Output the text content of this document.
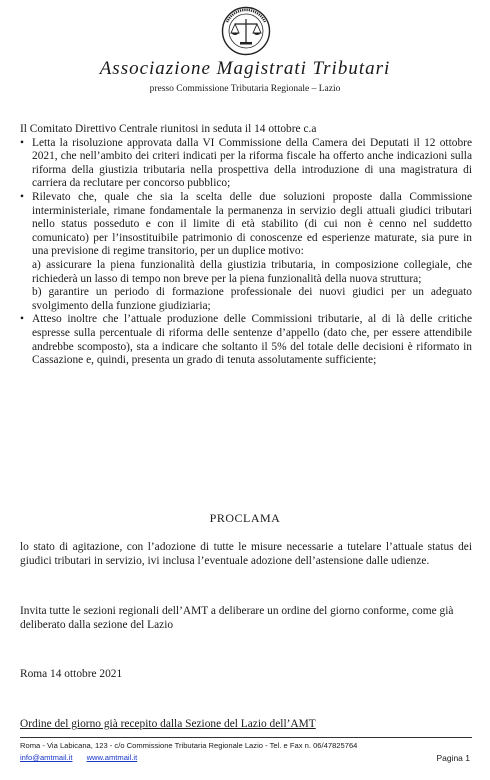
Associazione Magistrati Tributari
presso Commissione Tributaria Regionale – Lazio

Il Comitato Direttivo Centrale riunitosi in seduta il 14 ottobre c.a

• Letta la risoluzione approvata dalla VI Commissione della Camera dei Deputati il 12 ottobre 2021, che nell’ambito dei criteri indicati per la riforma fiscale ha offerto anche indicazioni sulla riforma della giustizia tributaria nella prospettiva della introduzione di una magistratura di carriera da reclutare per concorso pubblico;
• Rilevato che, quale che sia la scelta delle due soluzioni proposte dalla Commissione interministeriale, rimane fondamentale la permanenza in servizio degli attuali giudici tributari nello status posseduto e con il limite di età stabilito (di cui non è cenno nel suddetto comunicato) per l’insostituibile patrimonio di conoscenze ed esperienze maturate, sia pure in una previsione di regime transitorio, per un duplice motivo:
a) assicurare la piena funzionalità della giustizia tributaria, in composizione collegiale, che richiederà un lasso di tempo non breve per la piena funzionalità della nuova struttura;
b) garantire un periodo di formazione professionale dei nuovi giudici per un adeguato svolgimento della funzione giudiziaria;
• Atteso inoltre che l’attuale produzione delle Commissioni tributarie, al di là delle critiche espresse sulla percentuale di riforma delle sentenze d’appello (dato che, per essere attendibile andrebbe scomposto), sta a indicare che soltanto il 5% del totale delle decisioni è riformato in Cassazione e, quindi, presenta un grado di tenuta assolutamente sufficiente;
PROCLAMA
lo stato di agitazione, con l’adozione di tutte le misure necessarie a tutelare l’attuale status dei giudici tributari in servizio, ivi inclusa l’eventuale adozione dell’astensione dalle udienze.
Invita tutte le sezioni regionali dell’AMT a deliberare un ordine del giorno conforme, come già deliberato dalla sezione del Lazio
Roma 14 ottobre 2021
Ordine del giorno già recepito dalla Sezione del Lazio dell’AMT
Roma - Via Labicana, 123 - c/o Commissione Tributaria Regionale Lazio - Tel. e Fax n. 06/47825764
info@amtmail.it www.amtmail.it	Pagina 1
